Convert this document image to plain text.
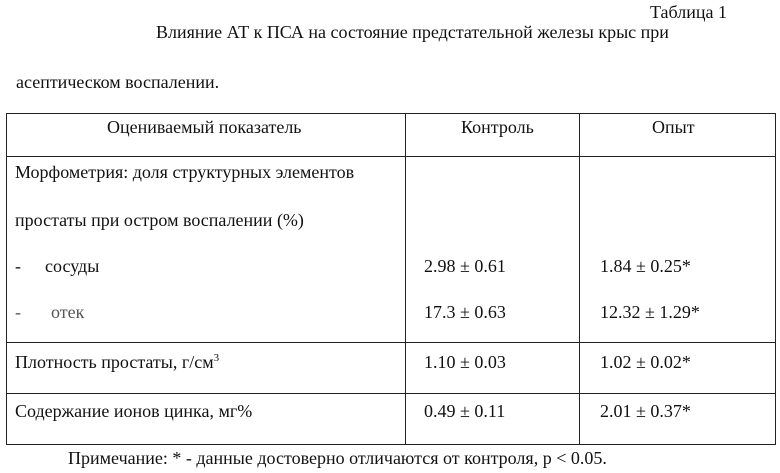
Таблица 1
Влияние АТ к ПСА на состояние предстательной железы крыс при
асептическом воспалении.
Оцениваемый показатель	Контроль	Опыт
Морфометрия: доля структурных элементов
простаты при остром воспалении (%)
- сосуды	2.98 ± 0.61	1.84 ± 0.25*
- отек	17.3 ± 0.63	12.32 ± 1.29*
Плотность простаты, $г/см^3$	1.10 ± 0.03	1.02 ± 0.02*
Содержание ионов цинка, мг%	0.49 ± 0.11	2.01 ± 0.37*
Примечание: * - данные достоверно отличаются от контроля, p < 0.05.
